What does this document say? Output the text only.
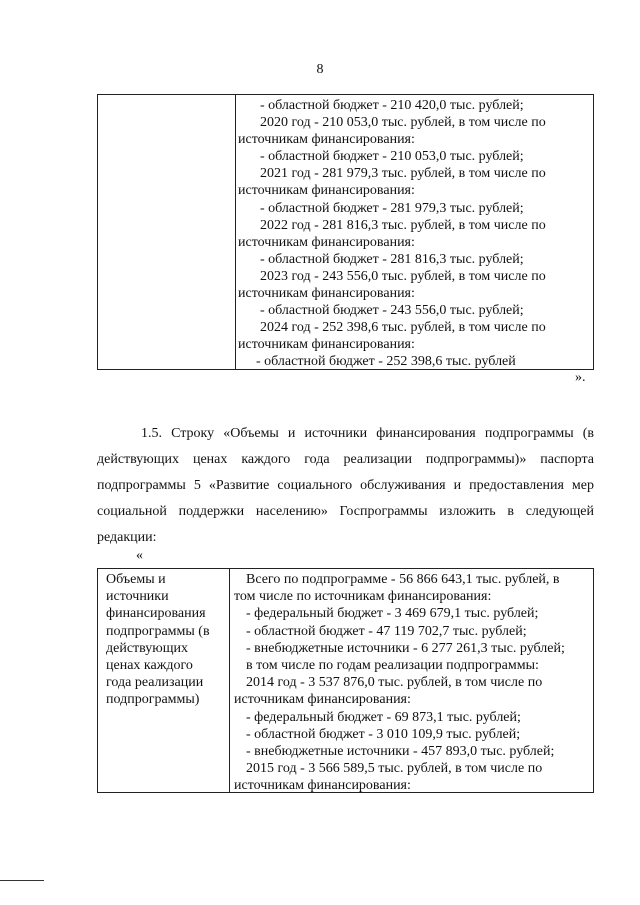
8
- областной бюджет - 210 420,0 тыс. рублей;
2020 год - 210 053,0 тыс. рублей, в том числе по
источникам финансирования:
- областной бюджет - 210 053,0 тыс. рублей;
2021 год - 281 979,3 тыс. рублей, в том числе по
источникам финансирования:
- областной бюджет - 281 979,3 тыс. рублей;
2022 год - 281 816,3 тыс. рублей, в том числе по
источникам финансирования:
- областной бюджет - 281 816,3 тыс. рублей;
2023 год - 243 556,0 тыс. рублей, в том числе по
источникам финансирования:
- областной бюджет - 243 556,0 тыс. рублей;
2024 год - 252 398,6 тыс. рублей, в том числе по
источникам финансирования:
- областной бюджет - 252 398,6 тыс. рублей
».
1.5. Строку «Объемы и источники финансирования подпрограммы (в действующих ценах каждого года реализации подпрограммы)» паспорта подпрограммы 5 «Развитие социального обслуживания и предоставления мер социальной поддержки населению» Госпрограммы изложить в следующей редакции:
«
Объемы и
источники
финансирования
подпрограммы (в
действующих
ценах каждого
года реализации
подпрограммы)
Всего по подпрограмме - 56 866 643,1 тыс. рублей, в
том числе по источникам финансирования:
- федеральный бюджет - 3 469 679,1 тыс. рублей;
- областной бюджет - 47 119 702,7 тыс. рублей;
- внебюджетные источники - 6 277 261,3 тыс. рублей;
в том числе по годам реализации подпрограммы:
2014 год - 3 537 876,0 тыс. рублей, в том числе по
источникам финансирования:
- федеральный бюджет - 69 873,1 тыс. рублей;
- областной бюджет - 3 010 109,9 тыс. рублей;
- внебюджетные источники - 457 893,0 тыс. рублей;
2015 год - 3 566 589,5 тыс. рублей, в том числе по
источникам финансирования:
